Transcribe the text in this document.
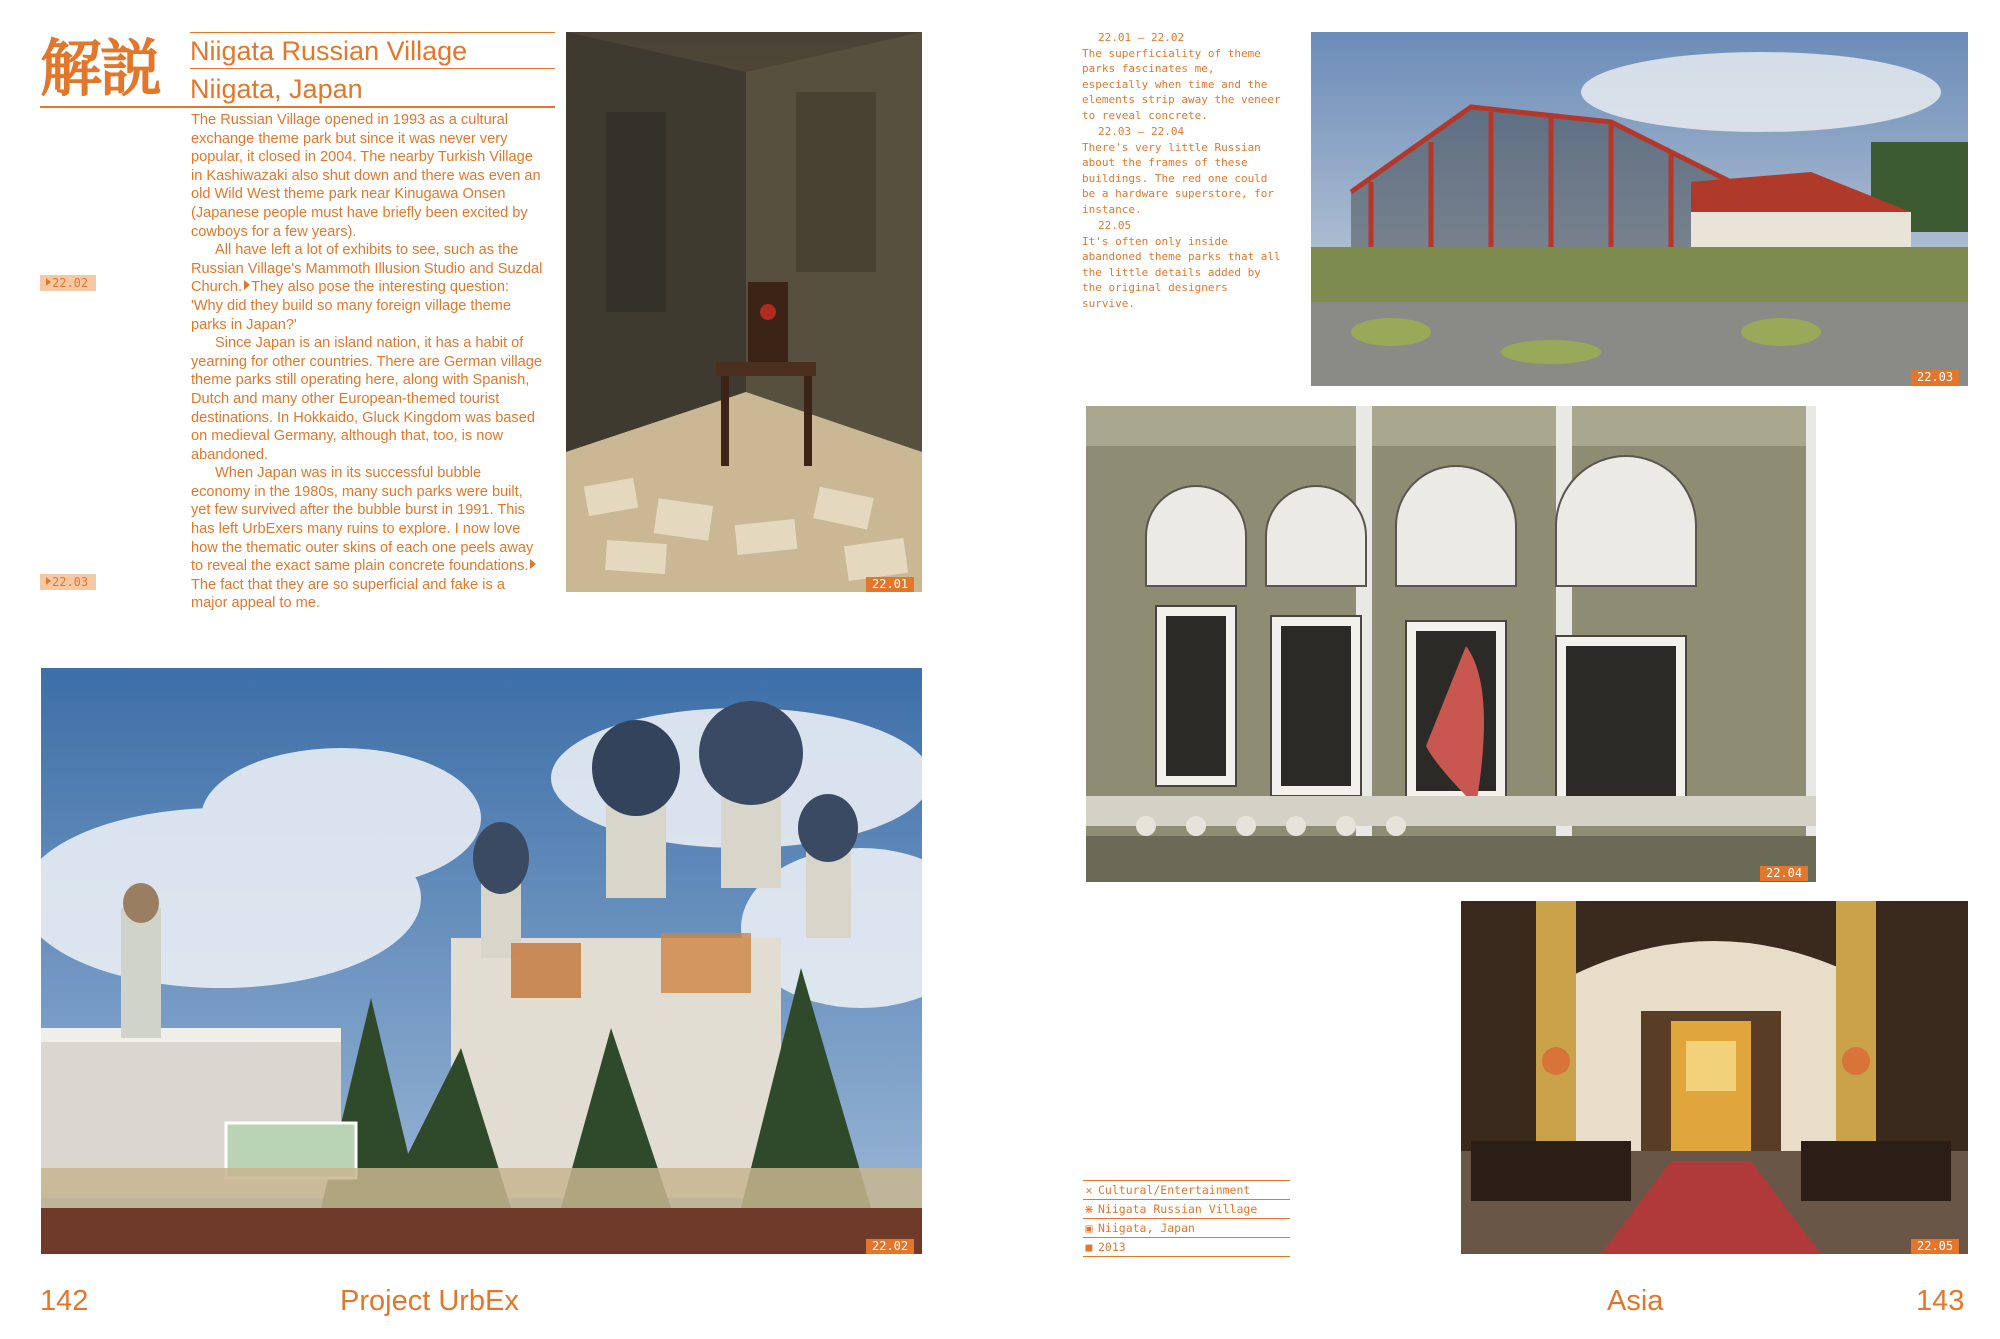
解説	Niigata Russian Village
Niigata, Japan

The Russian Village opened in 1993 as a cultural exchange theme park but since it was never very popular, it closed in 2004. The nearby Turkish Village in Kashiwazaki also shut down and there was even an old Wild West theme park near Kinugawa Onsen (Japanese people must have briefly been excited by cowboys for a few years).

All have left a lot of exhibits to see, such as the Russian Village's Mammoth Illusion Studio and Suzdal Church. They also pose the interesting question: 'Why did they build so many foreign village theme parks in Japan?'

Since Japan is an island nation, it has a habit of yearning for other countries. There are German village theme parks still operating here, along with Spanish, Dutch and many other European-themed tourist destinations. In Hokkaido, Gluck Kingdom was based on medieval Germany, although that, too, is now abandoned.

When Japan was in its successful bubble economy in the 1980s, many such parks were built, yet few survived after the bubble burst in 1991. This has left UrbExers many ruins to explore. I now love how the thematic outer skins of each one peels away to reveal the exact same plain concrete foundations.The fact that they are so superficial and fake is a major appeal to me.

22.02
22.03	22.01
22.02
142	Project UrbEx
22.01 – 22.02
The superficiality of theme parks fascinates me, especially when time and the elements strip away the veneer to reveal concrete.
22.03 – 22.04
There's very little Russian about the frames of these buildings. The red one could be a hardware superstore, for instance.
22.05
It's often only inside abandoned theme parks that all the little details added by the original designers survive.
22.03
22.04
22.05
✕ Cultural/Entertainment
⋇ Niigata Russian Village
▣ Niigata, Japan
■ 2013
Asia	143
